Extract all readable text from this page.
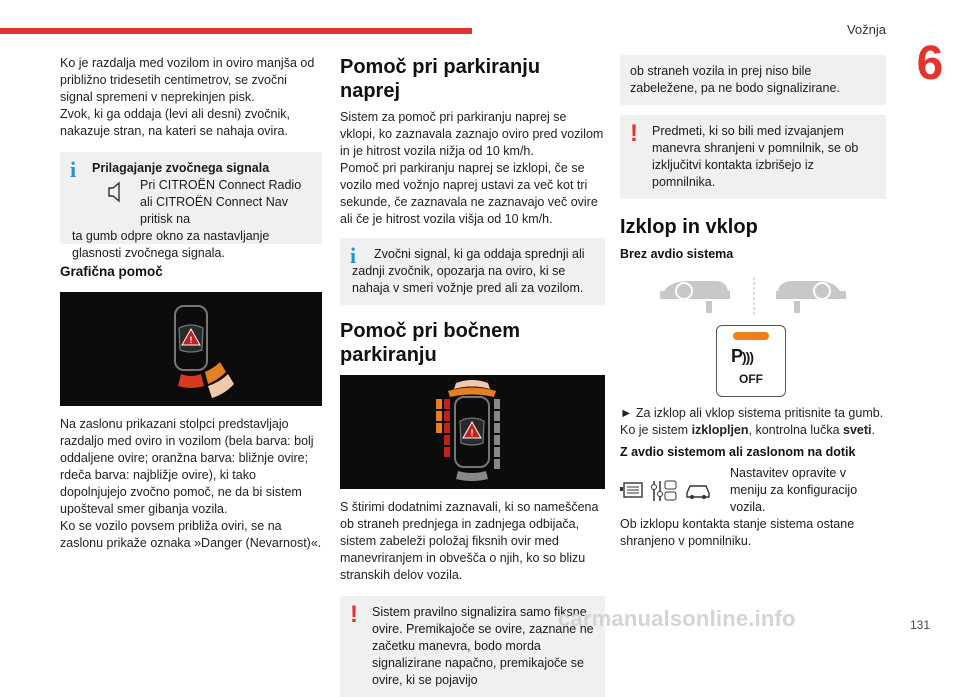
Vožnja
6

Ko je razdalja med vozilom in oviro manjša od približno tridesetih centimetrov, se zvočni signal spremeni v neprekinjen pisk.
Zvok, ki ga oddaja (levi ali desni) zvočnik, nakazuje stran, na kateri se nahaja ovira.

i	Prilagajanje zvočnega signala
Pri CITROËN Connect Radio ali CITROËN Connect Nav pritisk na
ta gumb odpre okno za nastavljanje glasnosti zvočnega signala.
Grafična pomoč
!

Na zaslonu prikazani stolpci predstavljajo razdaljo med oviro in vozilom (bela barva: bolj oddaljene ovire; oranžna barva: bližnje ovire; rdeča barva: najbližje ovire), ki tako dopolnjujejo zvočno pomoč, ne da bi sistem upošteval smer gibanja vozila.
Ko se vozilo povsem približa oviri, se na zaslonu prikaže oznaka »Danger (Nevarnost)«.

Pomoč pri parkiranju naprej

Sistem za pomoč pri parkiranju naprej se vklopi, ko zaznavala zaznajo oviro pred vozilom in je hitrost vozila nižja od 10 km/h.
Pomoč pri parkiranju naprej se izklopi, če se vozilo med vožnjo naprej ustavi za več kot tri sekunde, če zaznavala ne zaznavajo več ovire ali če je hitrost vozila višja od 10 km/h.

i	Zvočni signal, ki ga oddaja sprednji ali zadnji zvočnik, opozarja na oviro, ki se nahaja v smeri vožnje pred ali za vozilom.
Pomoč pri bočnem parkiranju
!

S štirimi dodatnimi zaznavali, ki so nameščena ob straneh prednjega in zadnjega odbijača, sistem zabeleži položaj fiksnih ovir med manevriranjem in obvešča o njih, ko so blizu stranskih delov vozila.

!	Sistem pravilno signalizira samo fiksne ovire. Premikajoče se ovire, zaznane ne začetku manevra, bodo morda signalizirane napačno, premikajoče se ovire, ki se pojavijo
ob straneh vozila in prej niso bile zabeležene, pa ne bodo signalizirane.
!	Predmeti, ki so bili med izvajanjem manevra shranjeni v pomnilnik, se ob izključitvi kontakta izbrišejo iz pomnilnika.
Izklop in vklop
Brez avdio sistema
P)))
OFF

► Za izklop ali vklop sistema pritisnite ta gumb.
Ko je sistem izklopljen, kontrolna lučka sveti.

Z avdio sistemom ali zaslonom na dotik
Nastavitev opravite v meniju za konfiguracijo vozila.

Ob izklopu kontakta stanje sistema ostane shranjeno v pomnilniku.

carmanualsonline.info	131
